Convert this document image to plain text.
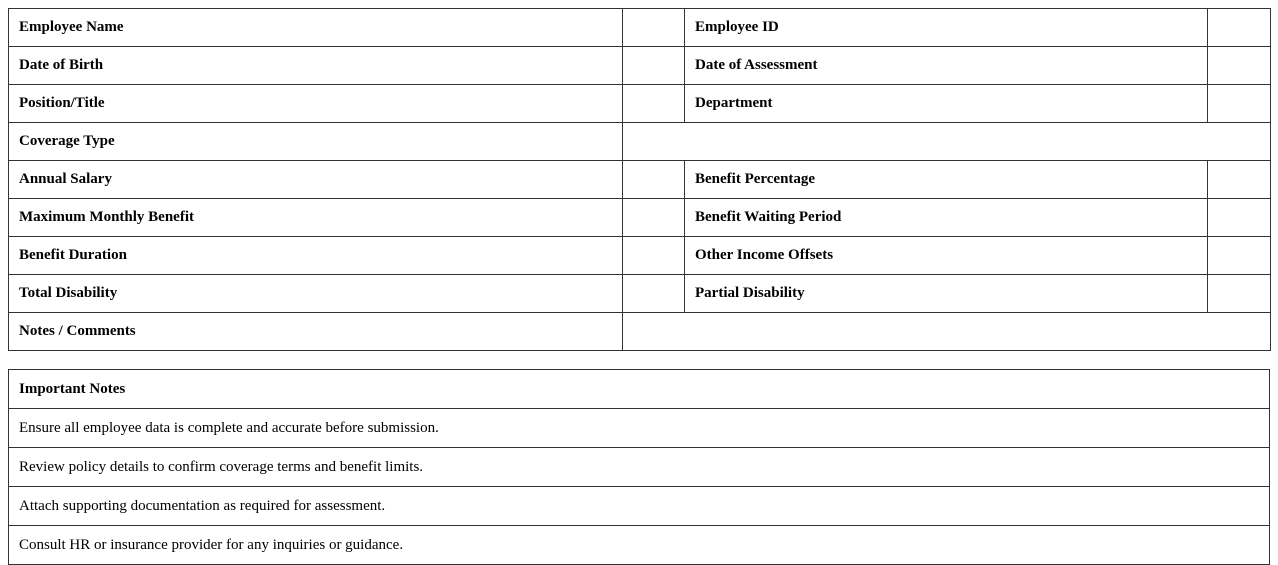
Employee Name		Employee ID	
Date of Birth		Date of Assessment	
Position/Title		Department	
Coverage Type			
Annual Salary		Benefit Percentage	
Maximum Monthly Benefit		Benefit Waiting Period	
Benefit Duration		Other Income Offsets	
Total Disability		Partial Disability	
Notes / Comments			
Important Notes
Ensure all employee data is complete and accurate before submission.
Review policy details to confirm coverage terms and benefit limits.
Attach supporting documentation as required for assessment.
Consult HR or insurance provider for any inquiries or guidance.
